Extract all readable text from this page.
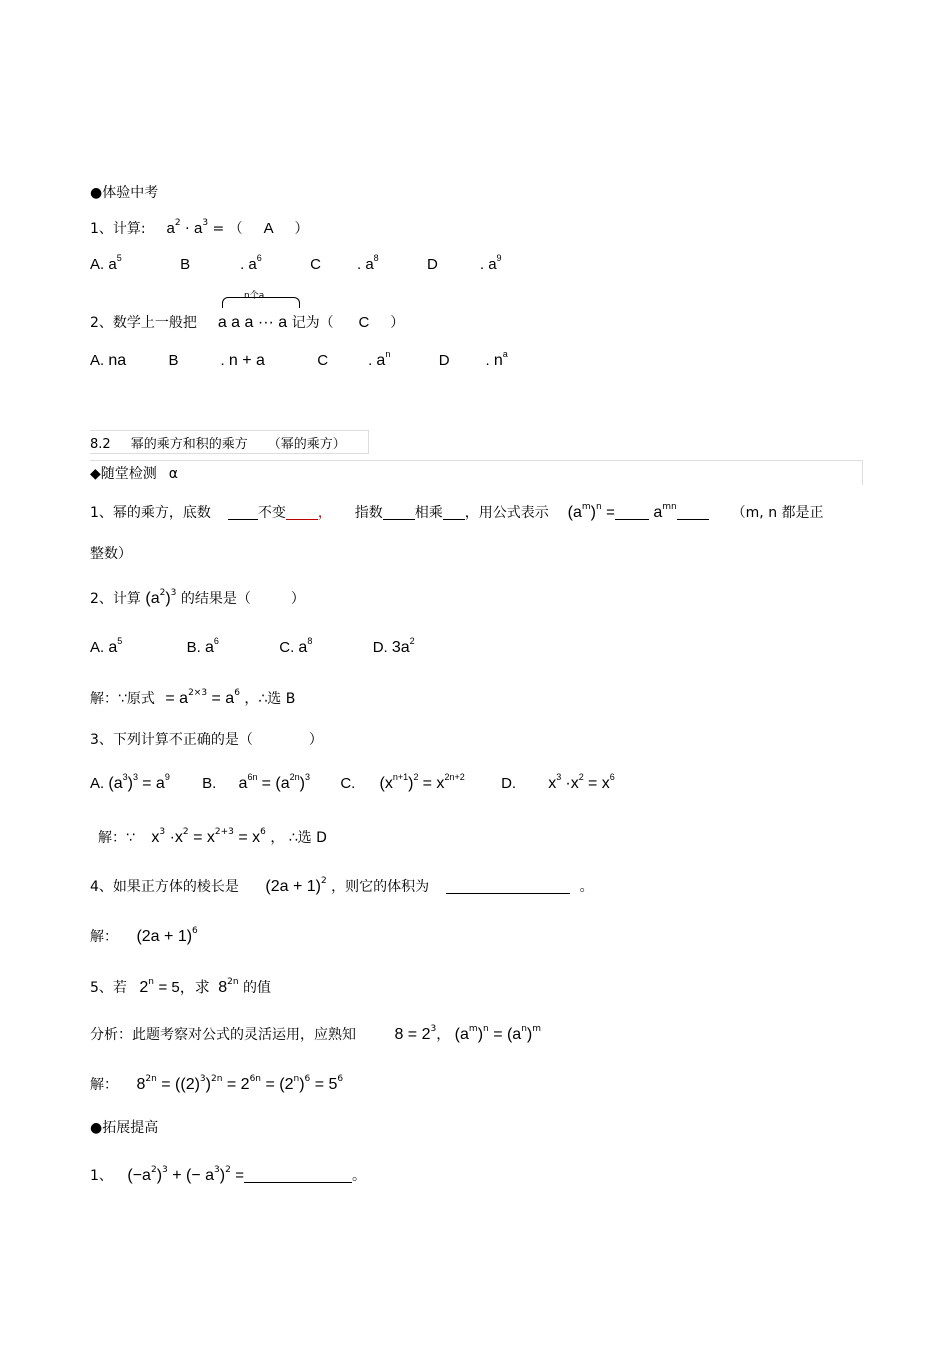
●体验中考
1、计算: $a^2 \cdot a^3$ = （ A ）
A. $a^5$	B	. $a^6$	C . $a^8$	D	. $a^9$
n个a
2、数学上一般把 a a a ··· a 记为（ C ）
A. na	B	. n + a	C	. $a^n$	D . $n^a$
8.2 幂的乘方和积的乘方 （幂的乘方）
◆随堂检测 α
1、幂的乘方，底数	不变 ， 指数 相乘 ，用公式表示 $(a^m)^n = a^{mn}$	（m, n 都是正
整数）
2、计算 $(a^2)^3$ 的结果是（	）
A. $a^5$	B. $a^6$	C. $a^8$	D. $3a^2$
解：∵原式 = $a^{2\times 3} = a^6$ ，∴选 B
3、下列计算不正确的是（	）
A. $(a^3)^3 = a^9$ B. $a^{6n} = (a^{2n})^3$ C. $(x^{n+1})^2 = x^{2n+2}$ D. $x^3 \cdot x^2 = x^6$
解：∵ $x^3 \cdot x^2 = x^{2+3} = x^6$ ， ∴选 D
4、如果正方体的棱长是 $(2a + 1)^2$ ，则它的体积为	。
解： $(2a + 1)^6$
5、若 $2^n = 5$，求 $8^{2n}$ 的值
分析：此题考察对公式的灵活运用，应熟知 $8 = 2^3$， $(a^m)^n = (a^n)^m$
解： $8^{2n} = ((2)^3)^{2n} = 2^{6n} = (2^n)^6 = 5^6$
●拓展提高
1、 $(-a^2)^3$ + (− $a^3)^2$ =	。
